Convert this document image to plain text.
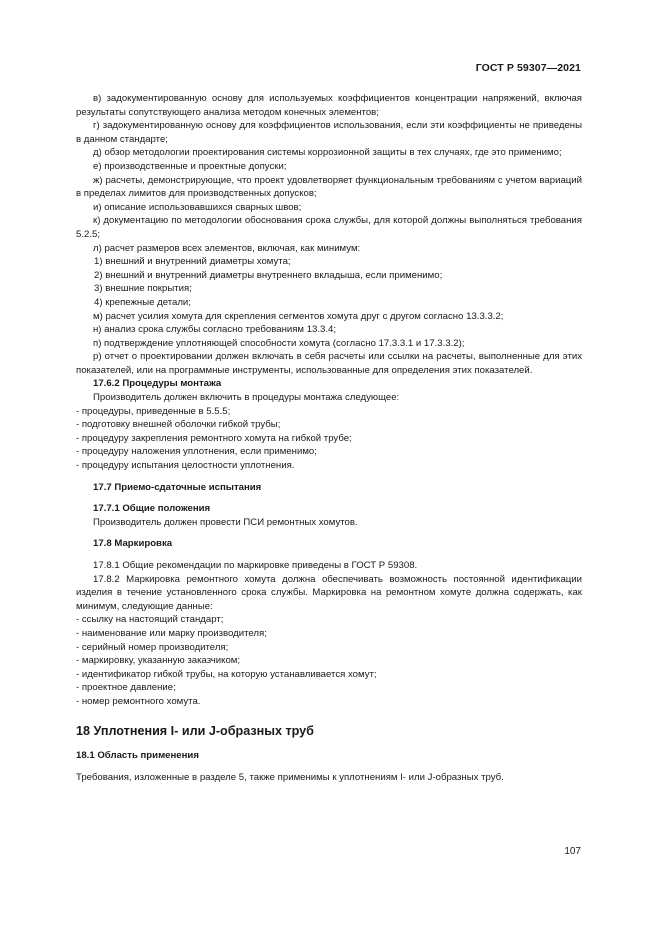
ГОСТ Р 59307—2021

в) задокументированную основу для используемых коэффициентов концентрации напряжений, включая результаты сопутствующего анализа методом конечных элементов;

г) задокументированную основу для коэффициентов использования, если эти коэффициенты не приведены в данном стандарте;

д) обзор методологии проектирования системы коррозионной защиты в тех случаях, где это применимо;

е) производственные и проектные допуски;

ж) расчеты, демонстрирующие, что проект удовлетворяет функциональным требованиям с учетом вариаций в пределах лимитов для производственных допусков;

и) описание использовавшихся сварных швов;

к) документацию по методологии обоснования срока службы, для которой должны выполняться требования 5.2.5;

л) расчет размеров всех элементов, включая, как минимум:

1) внешний и внутренний диаметры хомута;

2) внешний и внутренний диаметры внутреннего вкладыша, если применимо;

3) внешние покрытия;

4) крепежные детали;

м) расчет усилия хомута для скрепления сегментов хомута друг с другом согласно 13.3.3.2;

н) анализ срока службы согласно требованиям 13.3.4;

п) подтверждение уплотняющей способности хомута (согласно 17.3.3.1 и 17.3.3.2);

р) отчет о проектировании должен включать в себя расчеты или ссылки на расчеты, выполненные для этих показателей, или на программные инструменты, использованные для определения этих показателей.

17.6.2 Процедуры монтажа

Производитель должен включить в процедуры монтажа следующее:

- процедуры, приведенные в 5.5.5;

- подготовку внешней оболочки гибкой трубы;

- процедуру закрепления ремонтного хомута на гибкой трубе;

- процедуру наложения уплотнения, если применимо;

- процедуру испытания целостности уплотнения.

17.7 Приемо-сдаточные испытания

17.7.1 Общие положения

Производитель должен провести ПСИ ремонтных хомутов.

17.8 Маркировка

17.8.1 Общие рекомендации по маркировке приведены в ГОСТ Р 59308.

17.8.2 Маркировка ремонтного хомута должна обеспечивать возможность постоянной идентификации изделия в течение установленного срока службы. Маркировка на ремонтном хомуте должна содержать, как минимум, следующие данные:

- ссылку на настоящий стандарт;

- наименование или марку производителя;

- серийный номер производителя;

- маркировку, указанную заказчиком;

- идентификатор гибкой трубы, на которую устанавливается хомут;

- проектное давление;

- номер ремонтного хомута.

18 Уплотнения I- или J-образных труб

18.1 Область применения

Требования, изложенные в разделе 5, также применимы к уплотнениям I- или J-образных труб.

107
